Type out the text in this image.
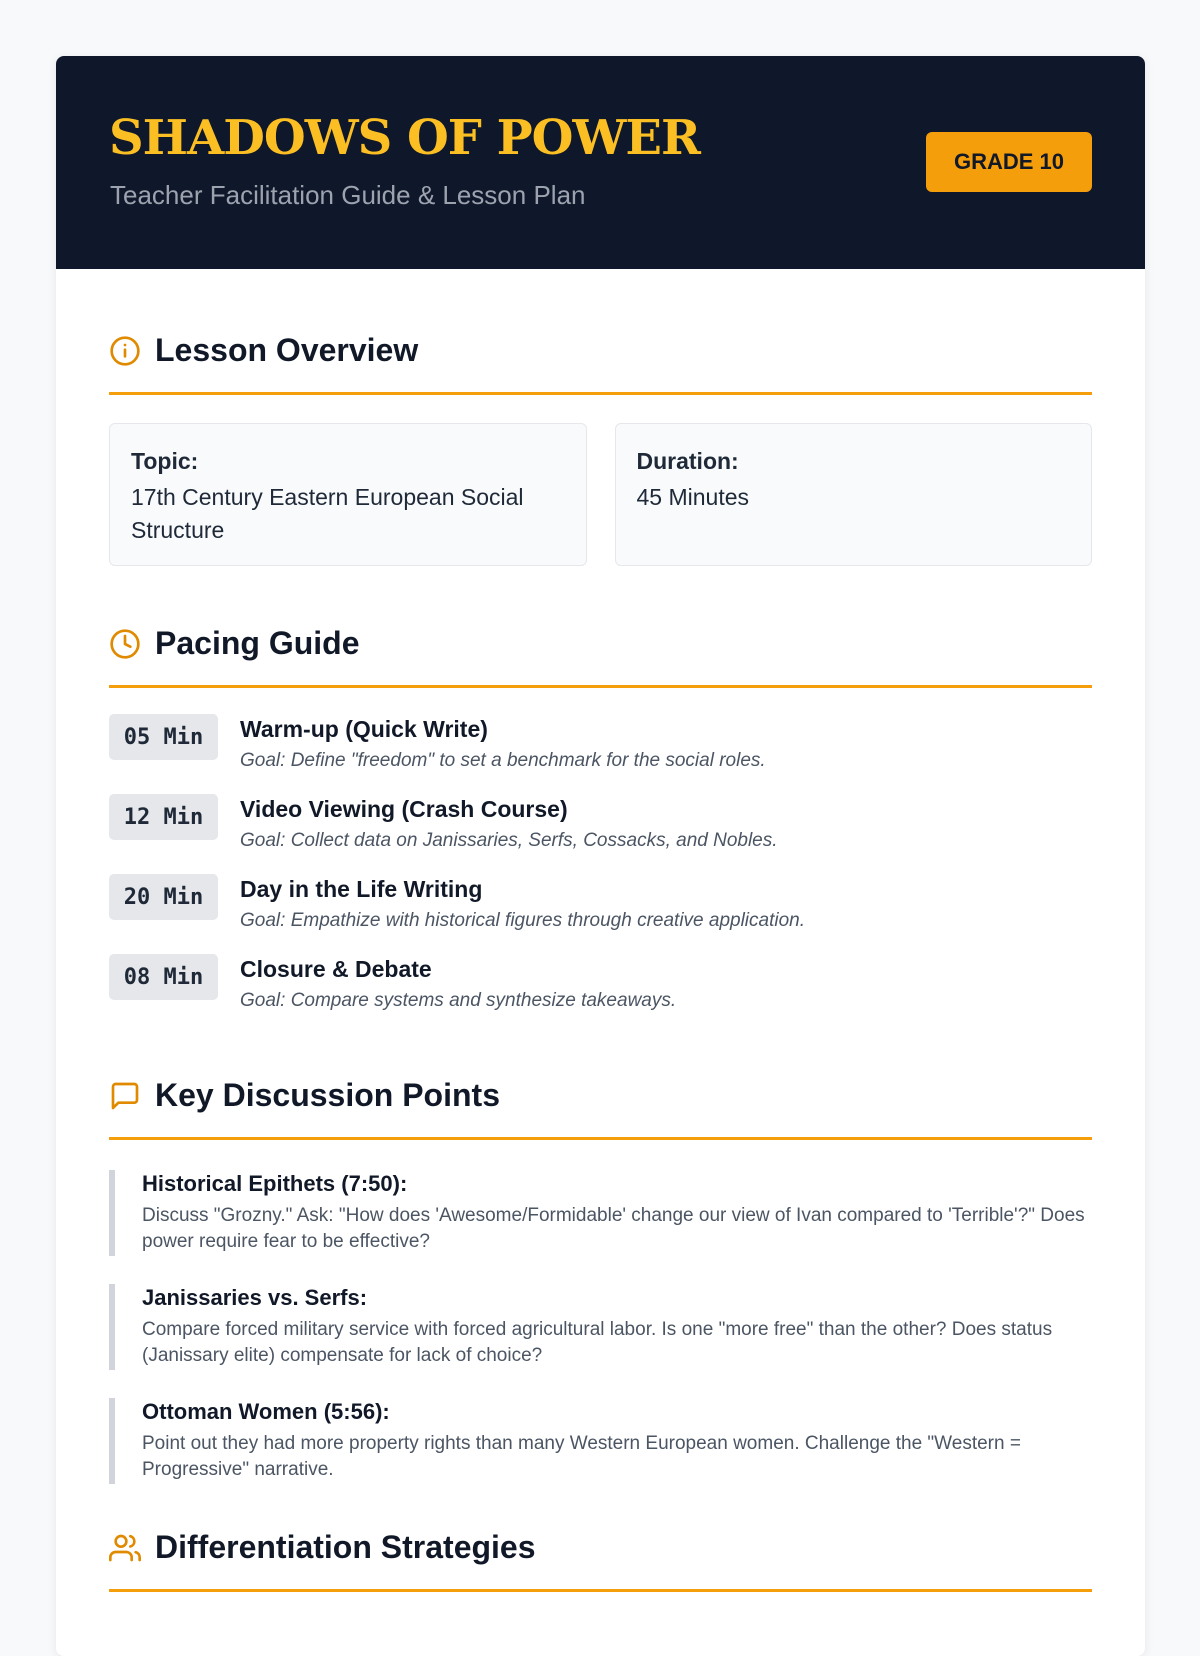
SHADOWS OF POWER

Teacher Facilitation Guide & Lesson Plan

GRADE 10
Lesson Overview
Topic:
17th Century Eastern European Social Structure
Duration:
45 Minutes
Pacing Guide
05 Min	Warm-up (Quick Write)
Goal: Define "freedom" to set a benchmark for the social roles.
12 Min	Video Viewing (Crash Course)
Goal: Collect data on Janissaries, Serfs, Cossacks, and Nobles.
20 Min	Day in the Life Writing
Goal: Empathize with historical figures through creative application.
08 Min	Closure & Debate
Goal: Compare systems and synthesize takeaways.
Key Discussion Points
Historical Epithets (7:50):
Discuss "Grozny." Ask: "How does 'Awesome/Formidable' change our view of Ivan compared to 'Terrible'?" Does power require fear to be effective?
Janissaries vs. Serfs:
Compare forced military service with forced agricultural labor. Is one "more free" than the other? Does status (Janissary elite) compensate for lack of choice?
Ottoman Women (5:56):
Point out they had more property rights than many Western European women. Challenge the "Western = Progressive" narrative.
Differentiation Strategies
